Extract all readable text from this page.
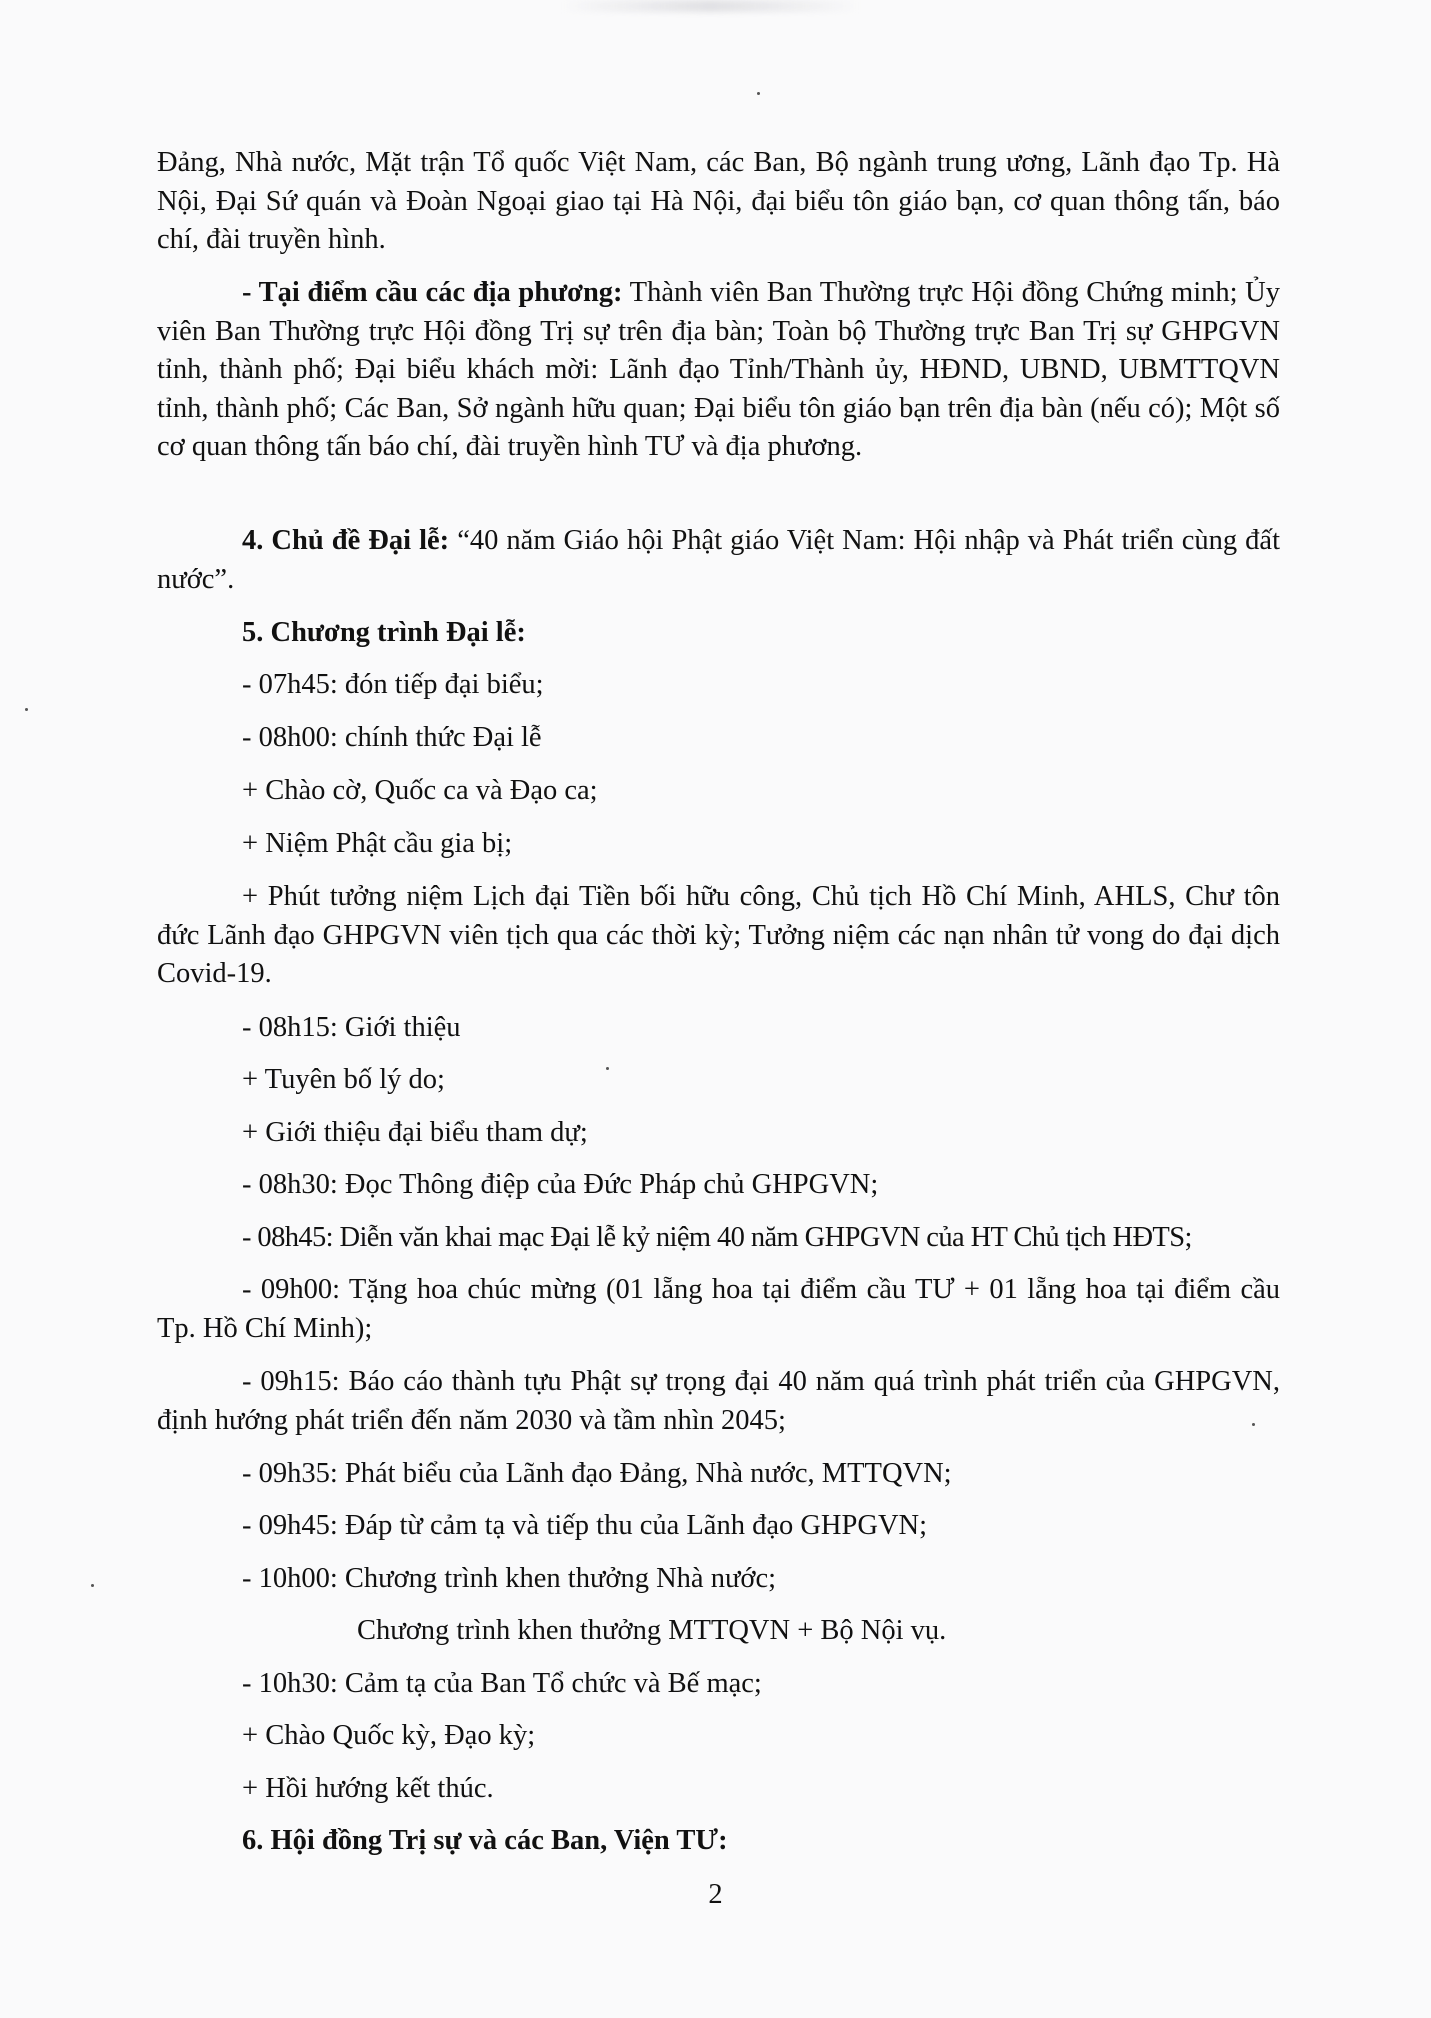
Đảng, Nhà nước, Mặt trận Tổ quốc Việt Nam, các Ban, Bộ ngành trung ương, Lãnh đạo Tp. Hà Nội, Đại Sứ quán và Đoàn Ngoại giao tại Hà Nội, đại biểu tôn giáo bạn, cơ quan thông tấn, báo chí, đài truyền hình.

- Tại điểm cầu các địa phương: Thành viên Ban Thường trực Hội đồng Chứng minh; Ủy viên Ban Thường trực Hội đồng Trị sự trên địa bàn; Toàn bộ Thường trực Ban Trị sự GHPGVN tỉnh, thành phố; Đại biểu khách mời: Lãnh đạo Tỉnh/Thành ủy, HĐND, UBND, UBMTTQVN tỉnh, thành phố; Các Ban, Sở ngành hữu quan; Đại biểu tôn giáo bạn trên địa bàn (nếu có); Một số cơ quan thông tấn báo chí, đài truyền hình TƯ và địa phương.

4. Chủ đề Đại lễ: “40 năm Giáo hội Phật giáo Việt Nam: Hội nhập và Phát triển cùng đất nước”.

5. Chương trình Đại lễ:

- 07h45: đón tiếp đại biểu;

- 08h00: chính thức Đại lễ

+ Chào cờ, Quốc ca và Đạo ca;

+ Niệm Phật cầu gia bị;

+ Phút tưởng niệm Lịch đại Tiền bối hữu công, Chủ tịch Hồ Chí Minh, AHLS, Chư tôn đức Lãnh đạo GHPGVN viên tịch qua các thời kỳ; Tưởng niệm các nạn nhân tử vong do đại dịch Covid-19.

- 08h15: Giới thiệu

+ Tuyên bố lý do;

+ Giới thiệu đại biểu tham dự;

- 08h30: Đọc Thông điệp của Đức Pháp chủ GHPGVN;

- 08h45: Diễn văn khai mạc Đại lễ kỷ niệm 40 năm GHPGVN của HT Chủ tịch HĐTS;

- 09h00: Tặng hoa chúc mừng (01 lẵng hoa tại điểm cầu TƯ + 01 lẵng hoa tại điểm cầu Tp. Hồ Chí Minh);

- 09h15: Báo cáo thành tựu Phật sự trọng đại 40 năm quá trình phát triển của GHPGVN, định hướng phát triển đến năm 2030 và tầm nhìn 2045;

- 09h35: Phát biểu của Lãnh đạo Đảng, Nhà nước, MTTQVN;

- 09h45: Đáp từ cảm tạ và tiếp thu của Lãnh đạo GHPGVN;

- 10h00: Chương trình khen thưởng Nhà nước;

Chương trình khen thưởng MTTQVN + Bộ Nội vụ.

- 10h30: Cảm tạ của Ban Tổ chức và Bế mạc;

+ Chào Quốc kỳ, Đạo kỳ;

+ Hồi hướng kết thúc.

6. Hội đồng Trị sự và các Ban, Viện TƯ:

2
